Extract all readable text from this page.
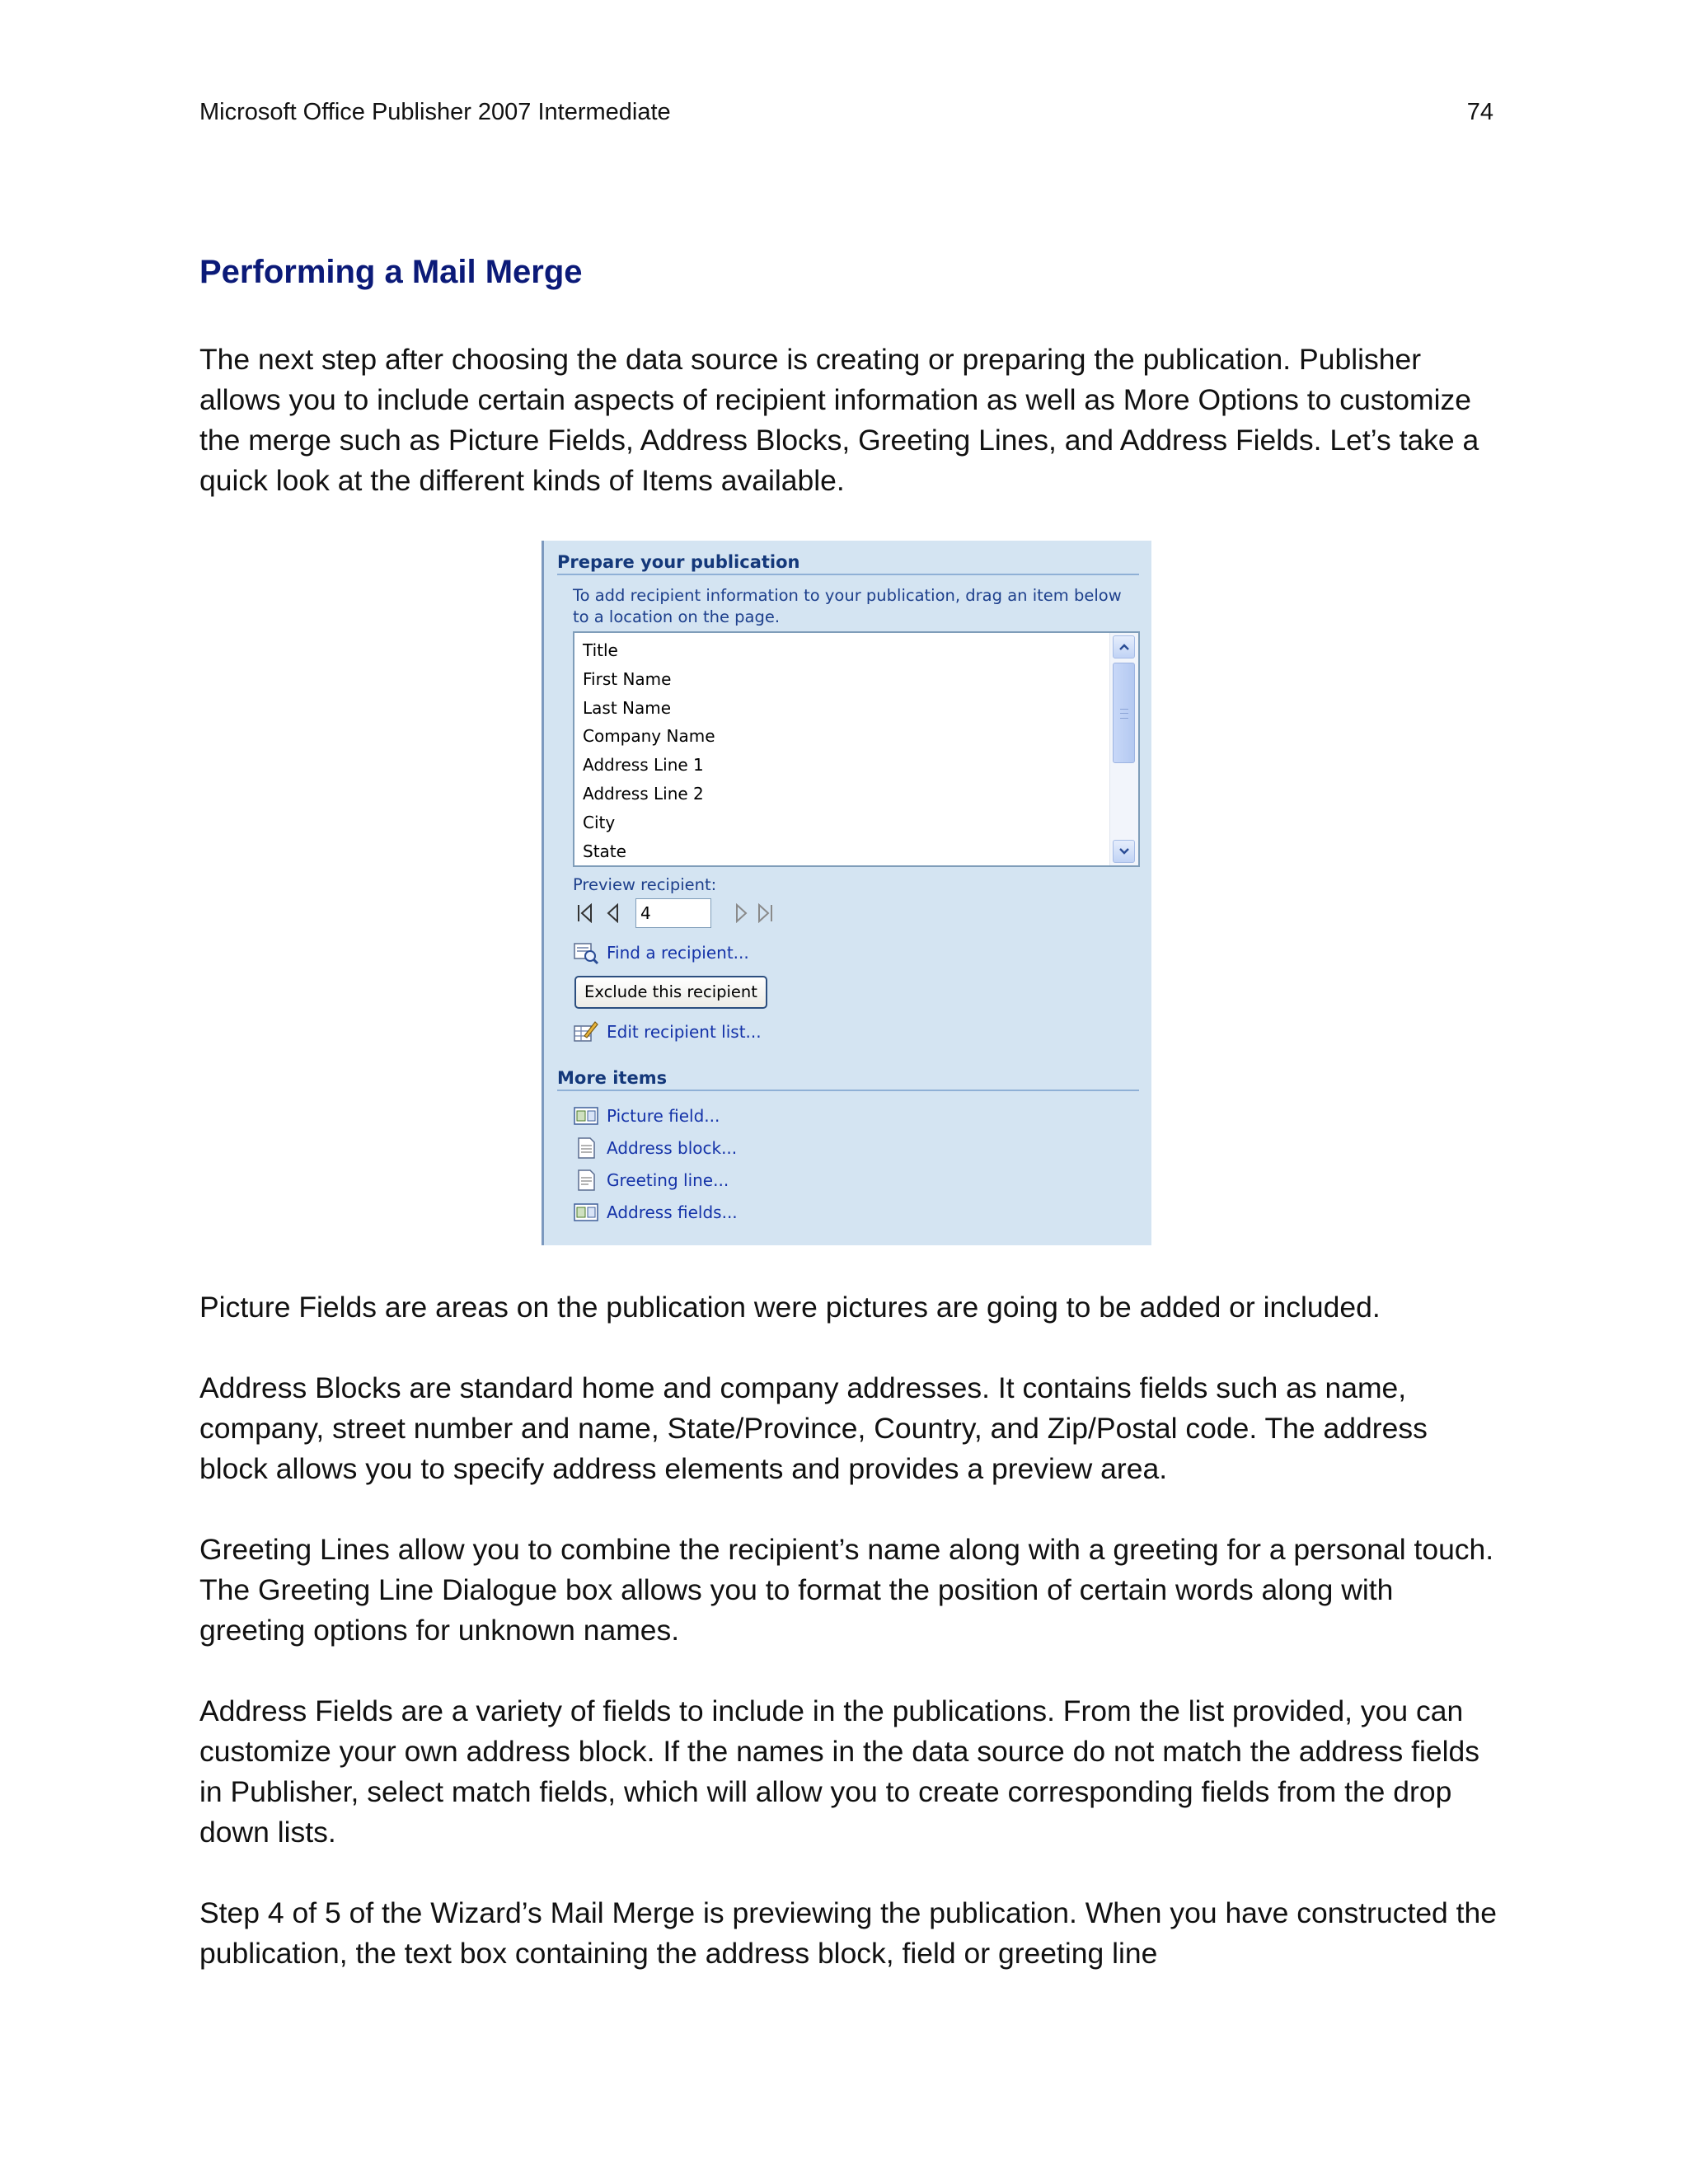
Microsoft Office Publisher 2007 Intermediate	74
Performing a Mail Merge

The next step after choosing the data source is creating or preparing the publication. Publisher allows you to include certain aspects of recipient information as well as More Options to customize the merge such as Picture Fields, Address Blocks, Greeting Lines, and Address Fields. Let’s take a quick look at the different kinds of Items available.

Prepare your publication
To add recipient information to your publication, drag an item below to a location on the page.
Title
First Name
Last Name
Company Name
Address Line 1
Address Line 2
City
State
Preview recipient:
4
Find a recipient...
Exclude this recipient
Edit recipient list...
More items
Picture field...
Address block...
Greeting line...
Address fields...

Picture Fields are areas on the publication were pictures are going to be added or included.

Address Blocks are standard home and company addresses. It contains fields such as name, company, street number and name, State/Province, Country, and Zip/Postal code. The address block allows you to specify address elements and provides a preview area.

Greeting Lines allow you to combine the recipient’s name along with a greeting for a personal touch. The Greeting Line Dialogue box allows you to format the position of certain words along with greeting options for unknown names.

Address Fields are a variety of fields to include in the publications. From the list provided, you can customize your own address block. If the names in the data source do not match the address fields in Publisher, select match fields, which will allow you to create corresponding fields from the drop down lists.

Step 4 of 5 of the Wizard’s Mail Merge is previewing the publication. When you have constructed the publication, the text box containing the address block, field or greeting line
